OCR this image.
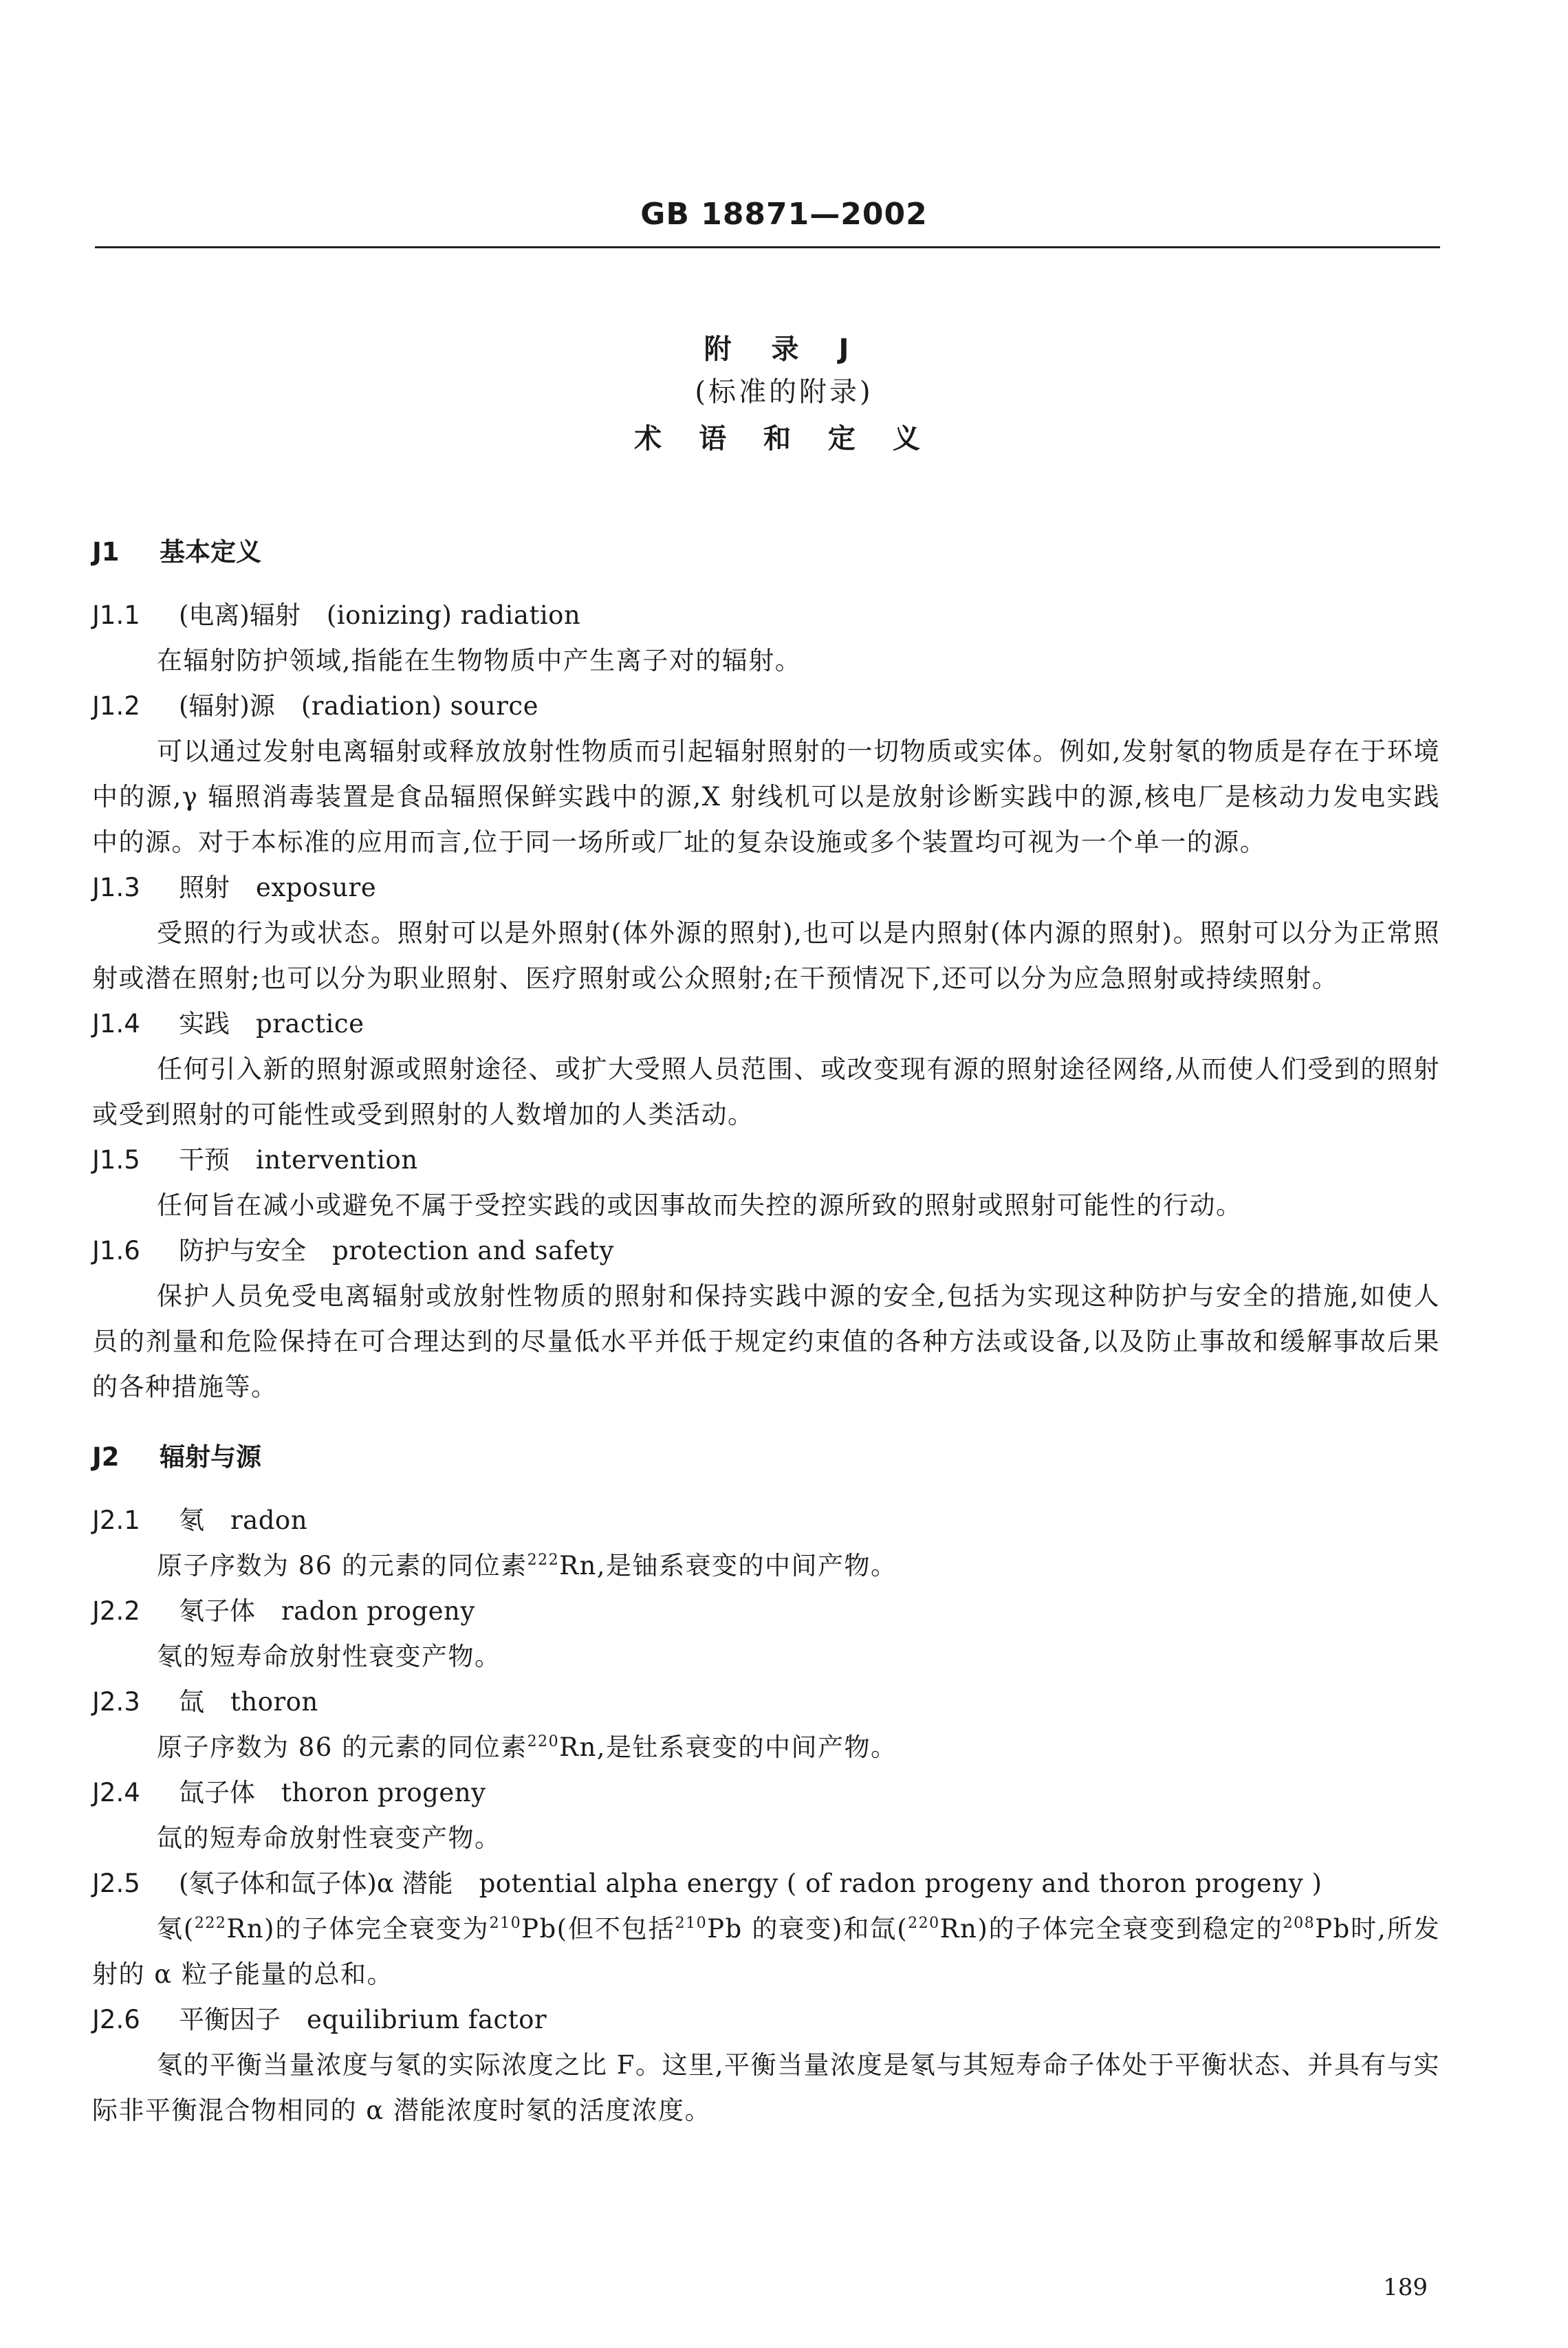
GB 18871—2002
附 录 J
(标准的附录)
术 语 和 定 义
J1 基本定义
J1.1 (电离)辐射 (ionizing) radiation
在辐射防护领域,指能在生物物质中产生离子对的辐射。
J1.2 (辐射)源 (radiation) source
可以通过发射电离辐射或释放放射性物质而引起辐射照射的一切物质或实体。例如,发射氡的物质是存在于环境中的源,γ 辐照消毒装置是食品辐照保鲜实践中的源,X 射线机可以是放射诊断实践中的源,核电厂是核动力发电实践中的源。对于本标准的应用而言,位于同一场所或厂址的复杂设施或多个装置均可视为一个单一的源。
J1.3 照射 exposure
受照的行为或状态。照射可以是外照射(体外源的照射),也可以是内照射(体内源的照射)。照射可以分为正常照射或潜在照射;也可以分为职业照射、医疗照射或公众照射;在干预情况下,还可以分为应急照射或持续照射。
J1.4 实践 practice
任何引入新的照射源或照射途径、或扩大受照人员范围、或改变现有源的照射途径网络,从而使人们受到的照射或受到照射的可能性或受到照射的人数增加的人类活动。
J1.5 干预 intervention
任何旨在减小或避免不属于受控实践的或因事故而失控的源所致的照射或照射可能性的行动。
J1.6 防护与安全 protection and safety
保护人员免受电离辐射或放射性物质的照射和保持实践中源的安全,包括为实现这种防护与安全的措施,如使人员的剂量和危险保持在可合理达到的尽量低水平并低于规定约束值的各种方法或设备,以及防止事故和缓解事故后果的各种措施等。
J2 辐射与源
J2.1 氡 radon
原子序数为 86 的元素的同位素$^{222}$Rn,是铀系衰变的中间产物。
J2.2 氡子体 radon progeny
氡的短寿命放射性衰变产物。
J2.3 氙 thoron
原子序数为 86 的元素的同位素$^{220}$Rn,是钍系衰变的中间产物。
J2.4 氙子体 thoron progeny
氙的短寿命放射性衰变产物。
J2.5 (氡子体和氙子体)α 潜能 potential alpha energy ( of radon progeny and thoron progeny )
氡($^{222}$Rn)的子体完全衰变为$^{210}$Pb(但不包括$^{210}$Pb 的衰变)和氙($^{220}$Rn)的子体完全衰变到稳定的$^{208}$Pb时,所发射的 α 粒子能量的总和。
J2.6 平衡因子 equilibrium factor
氡的平衡当量浓度与氡的实际浓度之比 F。这里,平衡当量浓度是氡与其短寿命子体处于平衡状态、并具有与实际非平衡混合物相同的 α 潜能浓度时氡的活度浓度。
189
